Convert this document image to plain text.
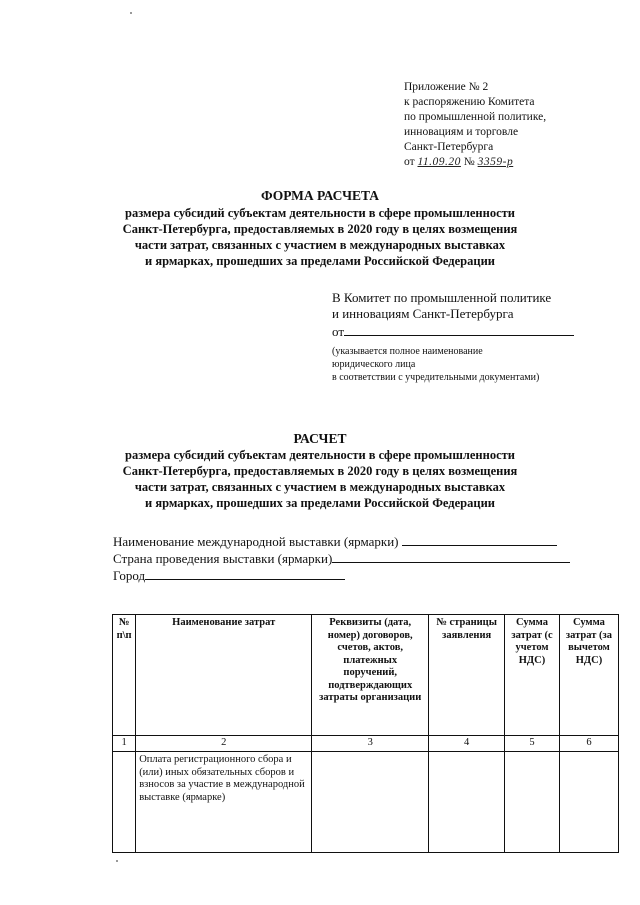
Приложение № 2
к распоряжению Комитета
по промышленной политике,
инновациям и торговле
Санкт-Петербурга
от 11.09.20 № 3359-р
ФОРМА РАСЧЕТА
размера субсидий субъектам деятельности в сфере промышленности
Санкт-Петербурга, предоставляемых в 2020 году в целях возмещения
части затрат, связанных с участием в международных выставках
и ярмарках, прошедших за пределами Российской Федерации
В Комитет по промышленной политике
и инновациям Санкт-Петербурга
от
(указывается полное наименование
юридического лица
в соответствии с учредительными документами)
РАСЧЕТ
размера субсидий субъектам деятельности в сфере промышленности
Санкт-Петербурга, предоставляемых в 2020 году в целях возмещения
части затрат, связанных с участием в международных выставках
и ярмарках, прошедших за пределами Российской Федерации
Наименование международной выставки (ярмарки)
Страна проведения выставки (ярмарки)
Город
№ п\п	Наименование затрат	Реквизиты (дата, номер) договоров, счетов, актов, платежных поручений, подтверждающих затраты организации	№ страницы заявления	Сумма затрат (с учетом НДС)	Сумма затрат (за вычетом НДС)
1	2	3	4	5	6
	Оплата регистрационного сбора и (или) иных обязательных сборов и взносов за участие в международной выставке (ярмарке)				
